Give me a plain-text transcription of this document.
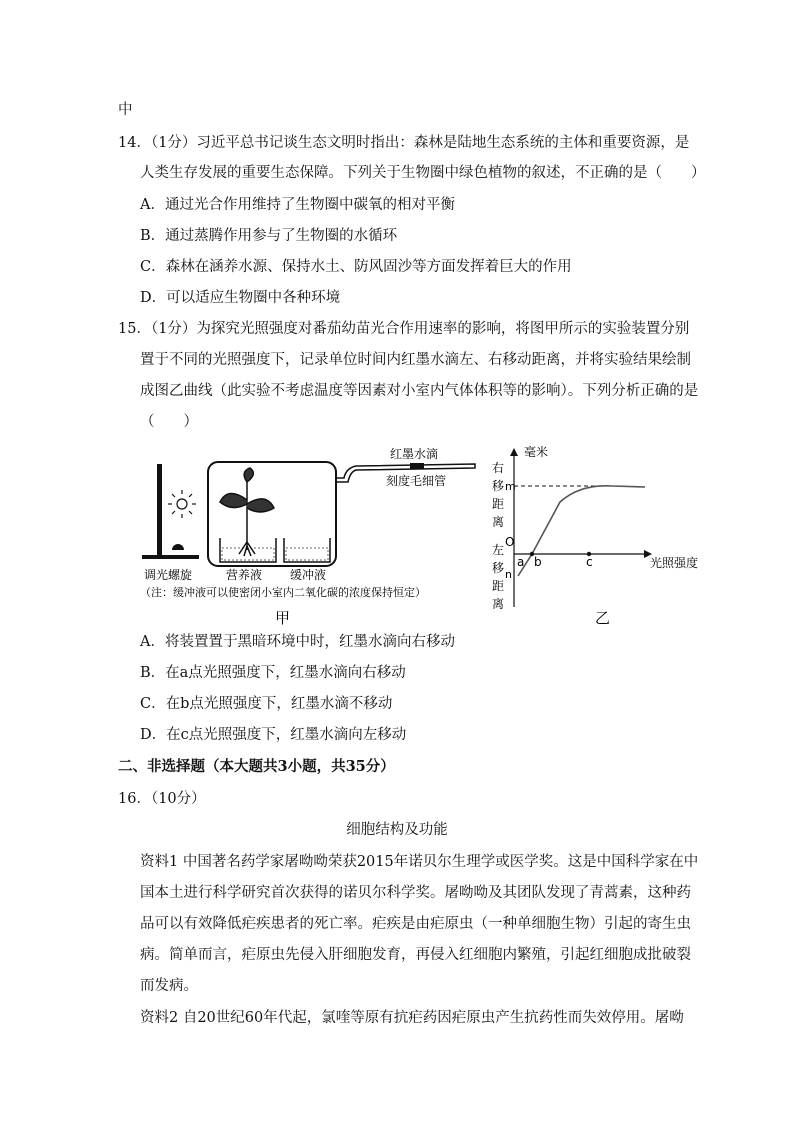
中
14．（1分）习近平总书记谈生态文明时指出：森林是陆地生态系统的主体和重要资源，是
人类生存发展的重要生态保障。下列关于生物圈中绿色植物的叙述，不正确的是（　　）
A．通过光合作用维持了生物圈中碳氧的相对平衡
B．通过蒸腾作用参与了生物圈的水循环
C．森林在涵养水源、保持水土、防风固沙等方面发挥着巨大的作用
D．可以适应生物圈中各种环境
15．（1分）为探究光照强度对番茄幼苗光合作用速率的影响，将图甲所示的实验装置分别
置于不同的光照强度下，记录单位时间内红墨水滴左、右移动距离，并将实验结果绘制
成图乙曲线（此实验不考虑温度等因素对小室内气体体积等的影响）。下列分析正确的是
（　　）
红墨水滴
刻度毛细管
调光螺旋	营养液 缓冲液
（注：缓冲液可以使密闭小室内二氧化碳的浓度保持恒定）
甲
毫米
右
移
距
离
m
O
左
移 n
距
离
a b	c	光照强度
乙
A．将装置置于黑暗环境中时，红墨水滴向右移动
B．在a点光照强度下，红墨水滴向右移动
C．在b点光照强度下，红墨水滴不移动
D．在c点光照强度下，红墨水滴向左移动
二、非选择题（本大题共3小题，共35分）
16．（10分）
细胞结构及功能
资料1 中国著名药学家屠呦呦荣获2015年诺贝尔生理学或医学奖。这是中国科学家在中
国本土进行科学研究首次获得的诺贝尔科学奖。屠呦呦及其团队发现了青蒿素，这种药
品可以有效降低疟疾患者的死亡率。疟疾是由疟原虫（一种单细胞生物）引起的寄生虫
病。简单而言，疟原虫先侵入肝细胞发育，再侵入红细胞内繁殖，引起红细胞成批破裂
而发病。
资料2 自20世纪60年代起，氯喹等原有抗疟药因疟原虫产生抗药性而失效停用。屠呦
